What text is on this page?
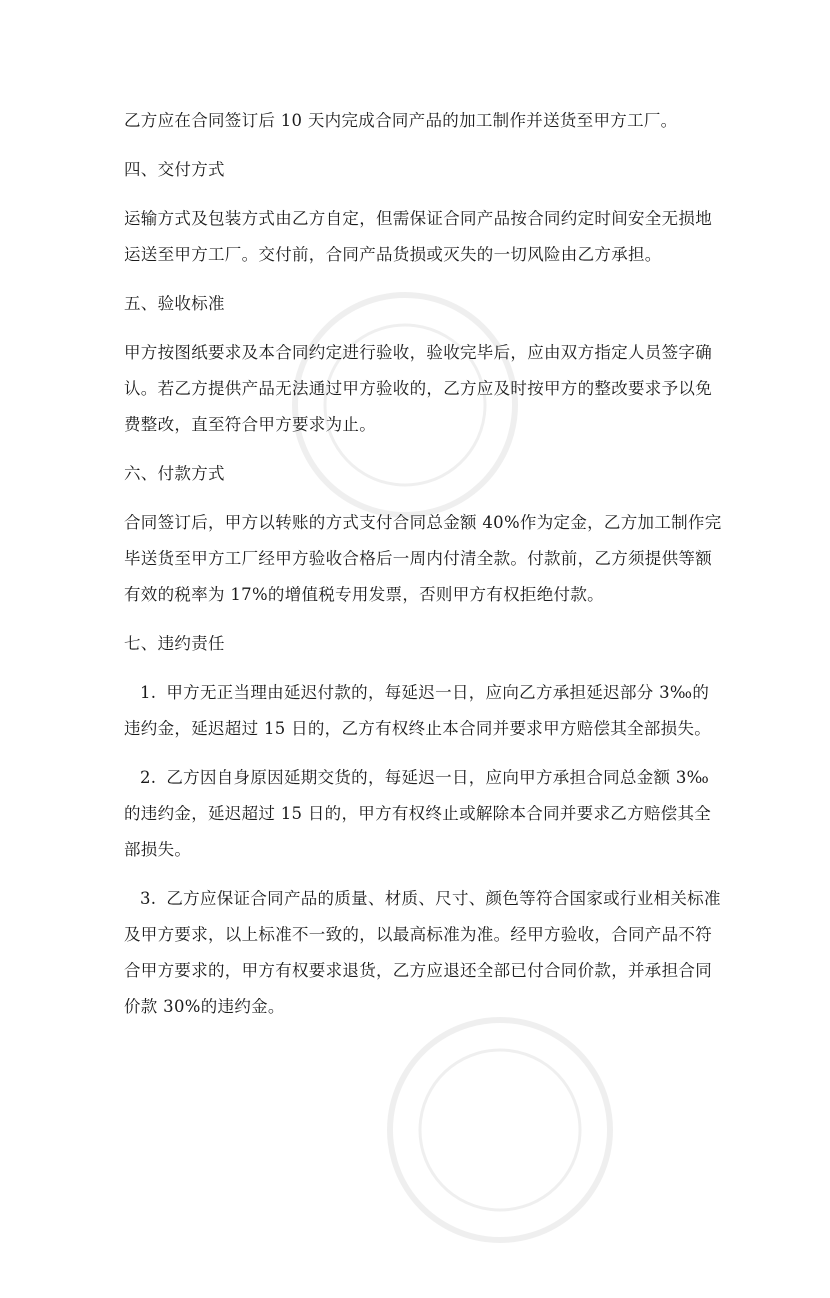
乙方应在合同签订后 10 天内完成合同产品的加工制作并送货至甲方工厂。

四、交付方式

运输方式及包装方式由乙方自定，但需保证合同产品按合同约定时间安全无损地运送至甲方工厂。交付前，合同产品货损或灭失的一切风险由乙方承担。

五、验收标准

甲方按图纸要求及本合同约定进行验收，验收完毕后，应由双方指定人员签字确认。若乙方提供产品无法通过甲方验收的，乙方应及时按甲方的整改要求予以免费整改，直至符合甲方要求为止。

六、付款方式

合同签订后，甲方以转账的方式支付合同总金额 40%作为定金，乙方加工制作完毕送货至甲方工厂经甲方验收合格后一周内付清全款。付款前，乙方须提供等额有效的税率为 17%的增值税专用发票，否则甲方有权拒绝付款。

七、违约责任

1. 甲方无正当理由延迟付款的，每延迟一日，应向乙方承担延迟部分 3‰的违约金，延迟超过 15 日的，乙方有权终止本合同并要求甲方赔偿其全部损失。

2. 乙方因自身原因延期交货的，每延迟一日，应向甲方承担合同总金额 3‰的违约金，延迟超过 15 日的，甲方有权终止或解除本合同并要求乙方赔偿其全部损失。

3. 乙方应保证合同产品的质量、材质、尺寸、颜色等符合国家或行业相关标准及甲方要求，以上标准不一致的，以最高标准为准。经甲方验收，合同产品不符合甲方要求的，甲方有权要求退货，乙方应退还全部已付合同价款，并承担合同价款 30%的违约金。
